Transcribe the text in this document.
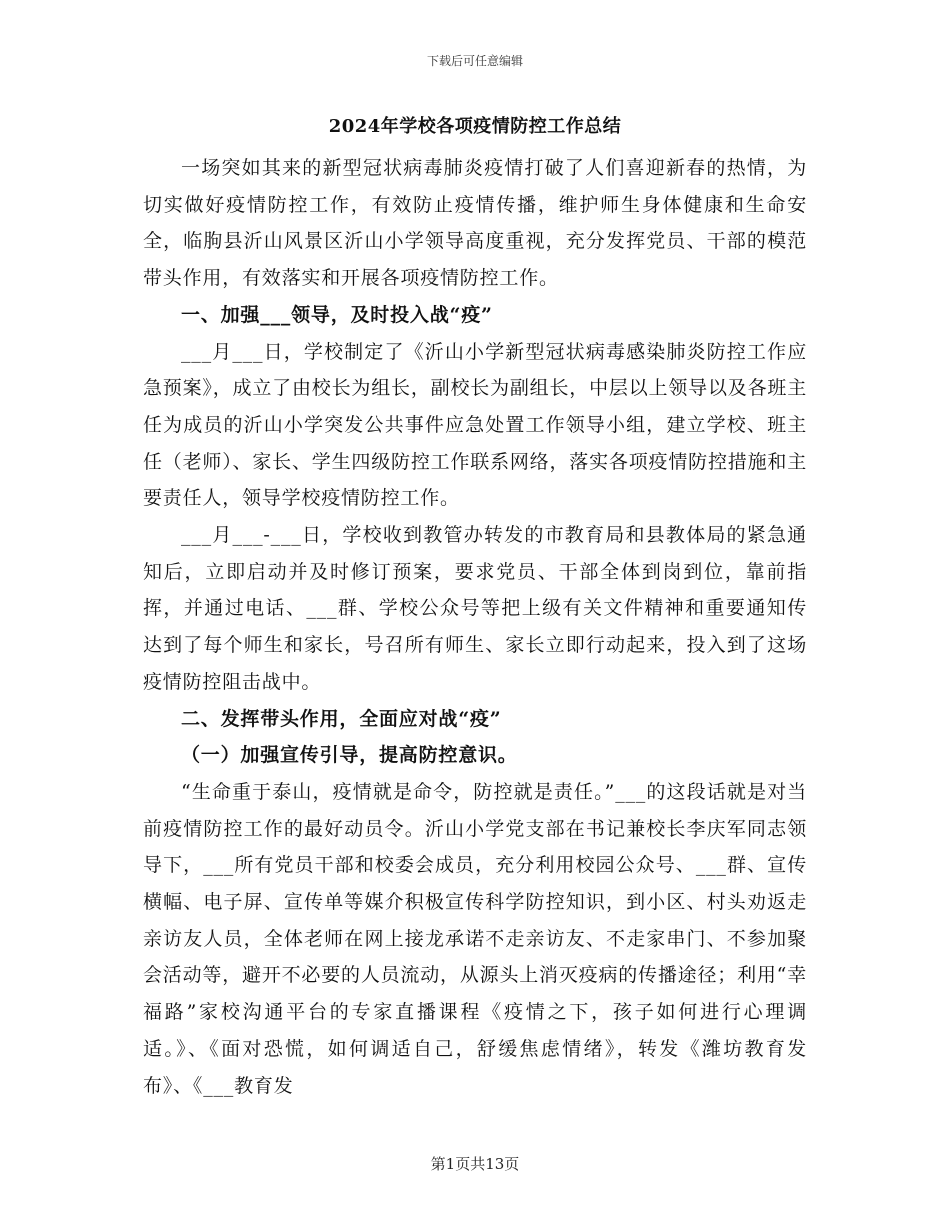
下载后可任意编辑
2024年学校各项疫情防控工作总结

一场突如其来的新型冠状病毒肺炎疫情打破了人们喜迎新春的热情，为切实做好疫情防控工作，有效防止疫情传播，维护师生身体健康和生命安全，临朐县沂山风景区沂山小学领导高度重视，充分发挥党员、干部的模范带头作用，有效落实和开展各项疫情防控工作。

一、加强___领导，及时投入战“疫”

___月___日，学校制定了《沂山小学新型冠状病毒感染肺炎防控工作应急预案》，成立了由校长为组长，副校长为副组长，中层以上领导以及各班主任为成员的沂山小学突发公共事件应急处置工作领导小组，建立学校、班主任（老师）、家长、学生四级防控工作联系网络，落实各项疫情防控措施和主要责任人，领导学校疫情防控工作。

___月___-___日，学校收到教管办转发的市教育局和县教体局的紧急通知后，立即启动并及时修订预案，要求党员、干部全体到岗到位，靠前指挥，并通过电话、___群、学校公众号等把上级有关文件精神和重要通知传达到了每个师生和家长，号召所有师生、家长立即行动起来，投入到了这场疫情防控阻击战中。

二、发挥带头作用，全面应对战“疫”

（一）加强宣传引导，提高防控意识。

“生命重于泰山，疫情就是命令，防控就是责任。”___的这段话就是对当前疫情防控工作的最好动员令。沂山小学党支部在书记兼校长李庆军同志领导下，___所有党员干部和校委会成员，充分利用校园公众号、___群、宣传横幅、电子屏、宣传单等媒介积极宣传科学防控知识，到小区、村头劝返走亲访友人员，全体老师在网上接龙承诺不走亲访友、不走家串门、不参加聚会活动等，避开不必要的人员流动，从源头上消灭疫病的传播途径；利用“幸福路”家校沟通平台的专家直播课程《疫情之下，孩子如何进行心理调适。》、《面对恐慌，如何调适自己，舒缓焦虑情绪》，转发《潍坊教育发布》、《___教育发

第1页共13页
